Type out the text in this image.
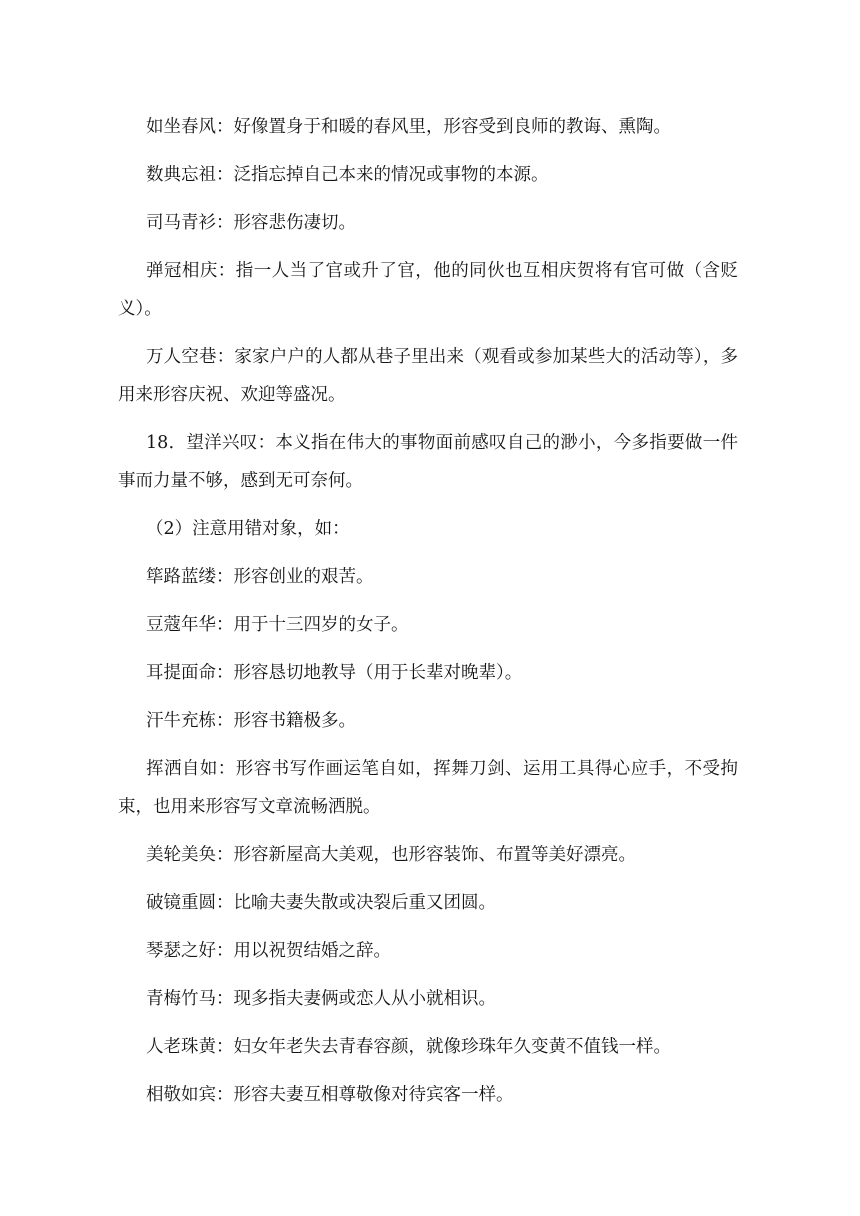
如坐春风：好像置身于和暖的春风里，形容受到良师的教诲、熏陶。

数典忘祖：泛指忘掉自己本来的情况或事物的本源。

司马青衫：形容悲伤凄切。

弹冠相庆：指一人当了官或升了官，他的同伙也互相庆贺将有官可做（含贬义）。

万人空巷：家家户户的人都从巷子里出来（观看或参加某些大的活动等），多用来形容庆祝、欢迎等盛况。

18．望洋兴叹：本义指在伟大的事物面前感叹自己的渺小，今多指要做一件事而力量不够，感到无可奈何。

（2）注意用错对象，如：

筚路蓝缕：形容创业的艰苦。

豆蔻年华：用于十三四岁的女子。

耳提面命：形容恳切地教导（用于长辈对晚辈）。

汗牛充栋：形容书籍极多。

挥洒自如：形容书写作画运笔自如，挥舞刀剑、运用工具得心应手，不受拘束，也用来形容写文章流畅洒脱。

美轮美奂：形容新屋高大美观，也形容装饰、布置等美好漂亮。

破镜重圆：比喻夫妻失散或决裂后重又团圆。

琴瑟之好：用以祝贺结婚之辞。

青梅竹马：现多指夫妻俩或恋人从小就相识。

人老珠黄：妇女年老失去青春容颜，就像珍珠年久变黄不值钱一样。

相敬如宾：形容夫妻互相尊敬像对待宾客一样。
